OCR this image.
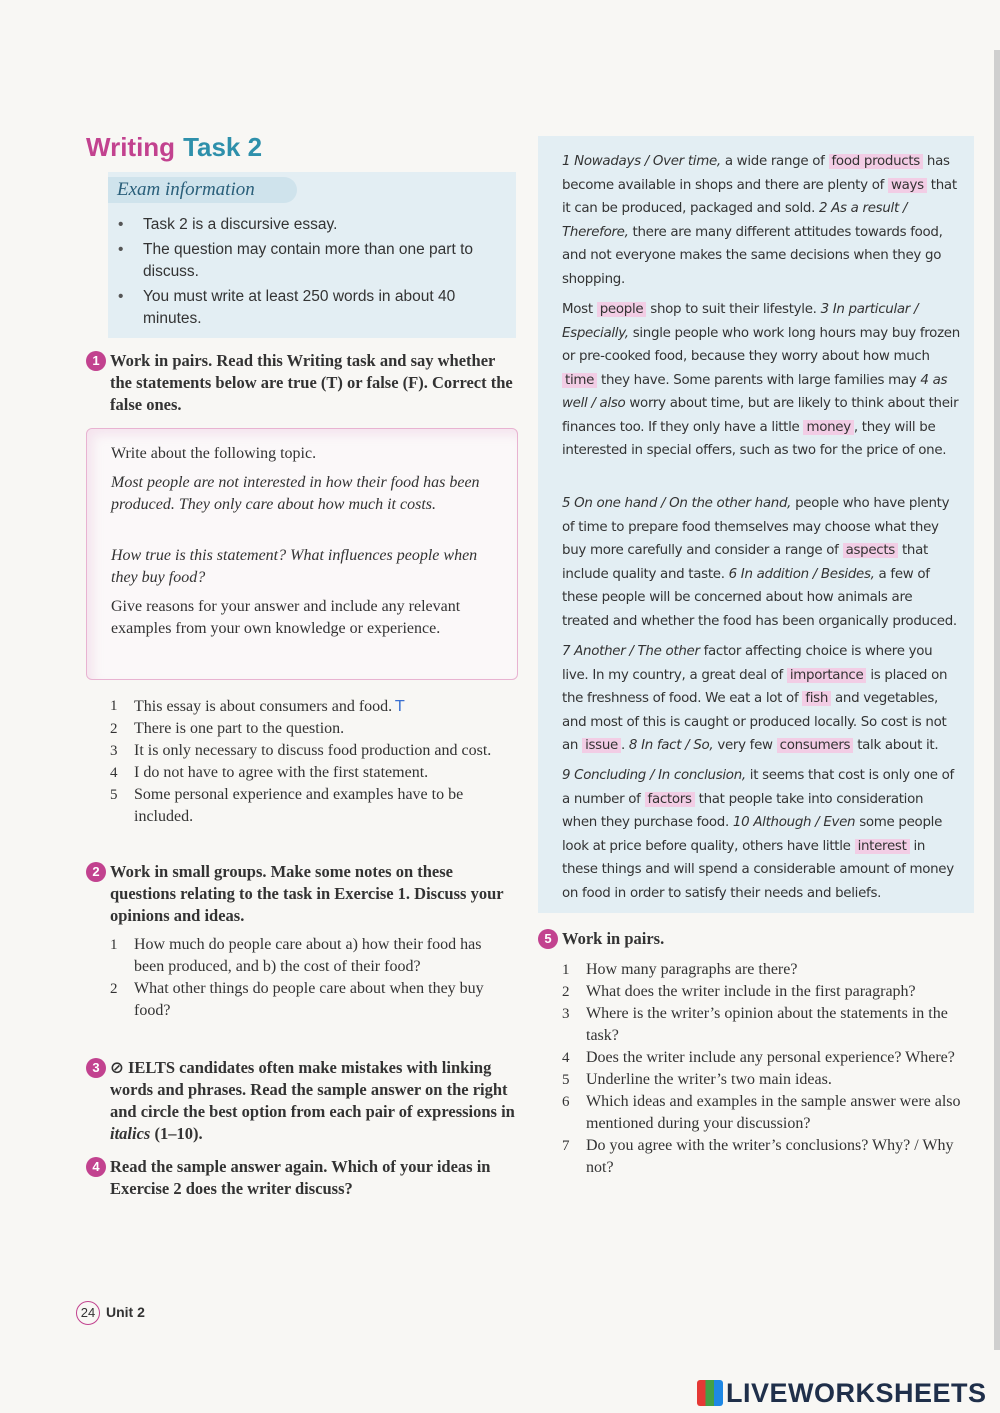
Writing Task 2
Exam information
• Task 2 is a discursive essay.
• The question may contain more than one part to discuss.
• You must write at least 250 words in about 40 minutes.
1 Work in pairs. Read this Writing task and say whether the statements below are true (T) or false (F). Correct the false ones.

Write about the following topic.

Most people are not interested in how their food has been produced. They only care about how much it costs.

How true is this statement? What influences people when they buy food?

Give reasons for your answer and include any relevant examples from your own knowledge or experience.

1 This essay is about consumers and food. T
2 There is one part to the question.
3 It is only necessary to discuss food production and cost.
4 I do not have to agree with the first statement.
5 Some personal experience and examples have to be included.
2 Work in small groups. Make some notes on these questions relating to the task in Exercise 1. Discuss your opinions and ideas.
1 How much do people care about a) how their food has been produced, and b) the cost of their food?
2 What other things do people care about when they buy food?
3 ⊘ IELTS candidates often make mistakes with linking words and phrases. Read the sample answer on the right and circle the best option from each pair of expressions in italics (1–10).
4 Read the sample answer again. Which of your ideas in Exercise 2 does the writer discuss?
24 Unit 2

1 Nowadays / Over time, a wide range of food products has become available in shops and there are plenty of ways that it can be produced, packaged and sold. 2 As a result / Therefore, there are many different attitudes towards food, and not everyone makes the same decisions when they go shopping.

Most people shop to suit their lifestyle. 3 In particular / Especially, single people who work long hours may buy frozen or pre-cooked food, because they worry about how much time they have. Some parents with large families may 4 as well / also worry about time, but are likely to think about their finances too. If they only have a little money , they will be interested in special offers, such as two for the price of one.

5 On one hand / On the other hand, people who have plenty of time to prepare food themselves may choose what they buy more carefully and consider a range of aspects that include quality and taste. 6 In addition / Besides, a few of these people will be concerned about how animals are treated and whether the food has been organically produced.

7 Another / The other factor affecting choice is where you live. In my country, a great deal of importance is placed on the freshness of food. We eat a lot of fish and vegetables, and most of this is caught or produced locally. So cost is not an issue . 8 In fact / So, very few consumers talk about it.

9 Concluding / In conclusion, it seems that cost is only one of a number of factors that people take into consideration when they purchase food. 10 Although / Even some people look at price before quality, others have little interest in these things and will spend a considerable amount of money on food in order to satisfy their needs and beliefs.

5 Work in pairs.
1 How many paragraphs are there?
2 What does the writer include in the first paragraph?
3 Where is the writer’s opinion about the statements in the task?
4 Does the writer include any personal experience? Where?
5 Underline the writer’s two main ideas.
6 Which ideas and examples in the sample answer were also mentioned during your discussion?
7 Do you agree with the writer’s conclusions? Why? / Why not?
LIVEWORKSHEETS
